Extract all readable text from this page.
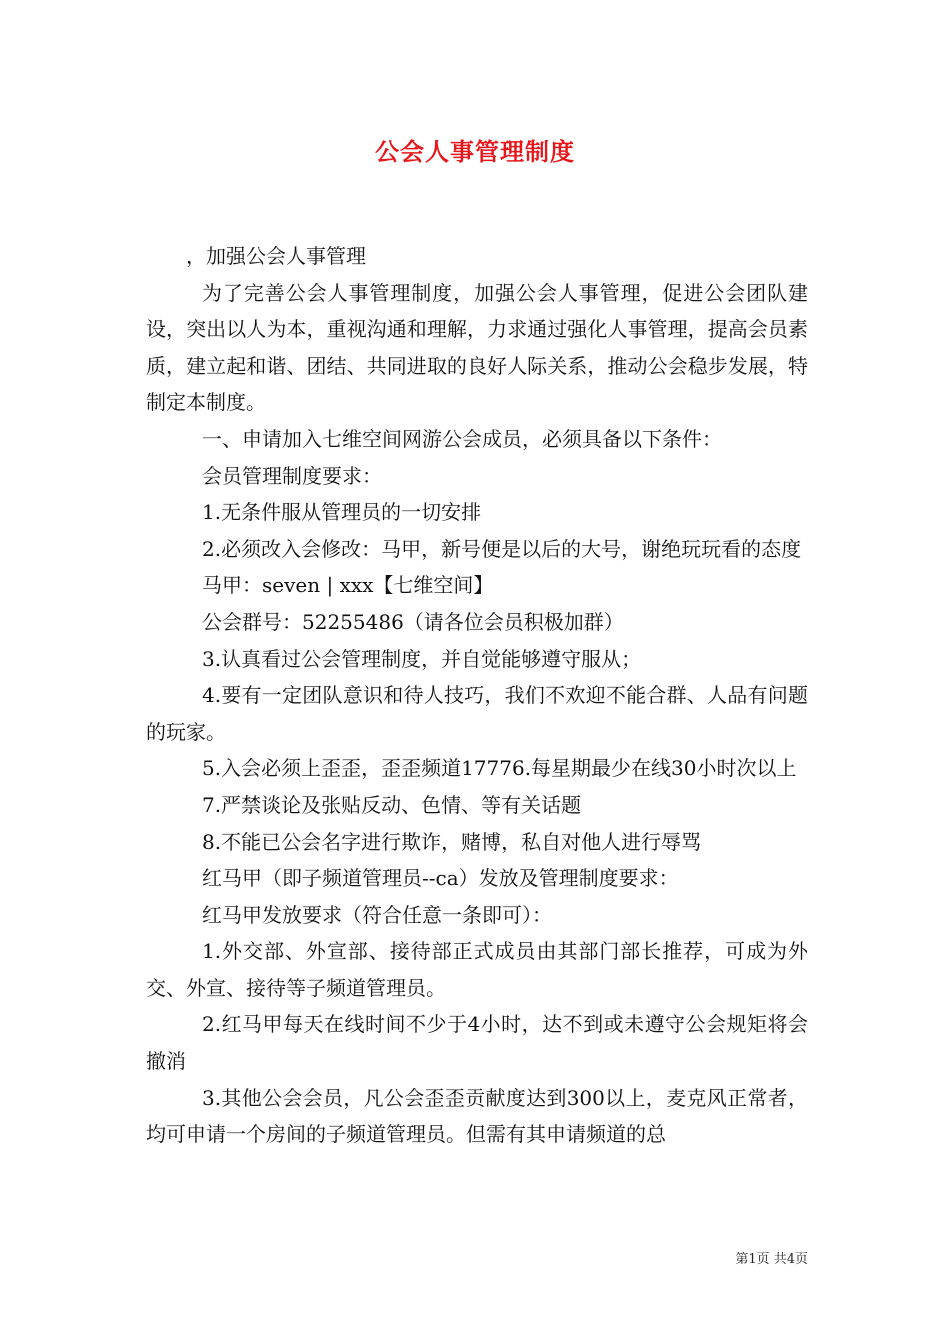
公会人事管理制度

，加强公会人事管理

为了完善公会人事管理制度，加强公会人事管理，促进公会团队建设，突出以人为本，重视沟通和理解，力求通过强化人事管理，提高会员素质，建立起和谐、团结、共同进取的良好人际关系，推动公会稳步发展，特制定本制度。

一、申请加入七维空间网游公会成员，必须具备以下条件：

会员管理制度要求：

1.无条件服从管理员的一切安排

2.必须改入会修改：马甲，新号便是以后的大号，谢绝玩玩看的态度

马甲：seven | xxx【七维空间】

公会群号：52255486（请各位会员积极加群）

3.认真看过公会管理制度，并自觉能够遵守服从；

4.要有一定团队意识和待人技巧，我们不欢迎不能合群、人品有问题的玩家。

5.入会必须上歪歪，歪歪频道17776.每星期最少在线30小时次以上

7.严禁谈论及张贴反动、色情、等有关话题

8.不能已公会名字进行欺诈，赌博，私自对他人进行辱骂

红马甲（即子频道管理员--ca）发放及管理制度要求：

红马甲发放要求（符合任意一条即可）：

1.外交部、外宣部、接待部正式成员由其部门部长推荐，可成为外交、外宣、接待等子频道管理员。

2.红马甲每天在线时间不少于4小时，达不到或未遵守公会规矩将会撤消

3.其他公会会员，凡公会歪歪贡献度达到300以上，麦克风正常者，均可申请一个房间的子频道管理员。但需有其申请频道的总

第1页 共4页
